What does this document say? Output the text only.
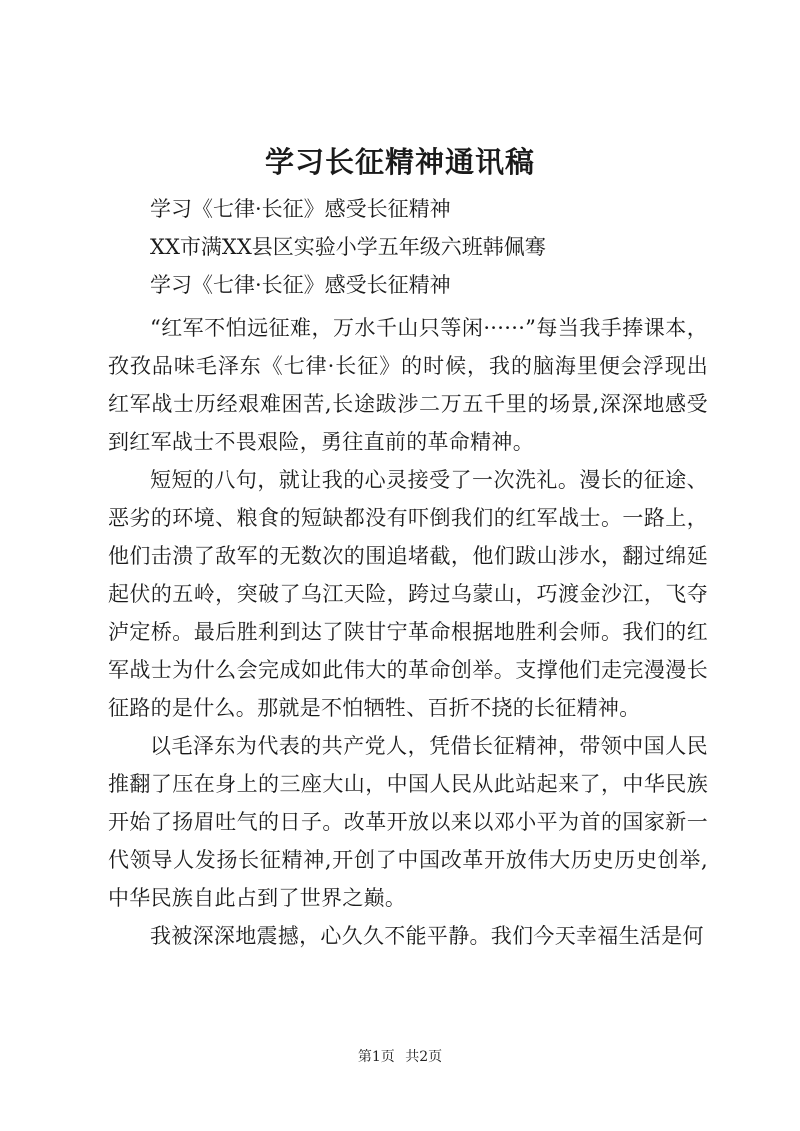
学习长征精神通讯稿
学习《七律·长征》感受长征精神
XX市满XX县区实验小学五年级六班韩佩骞
学习《七律·长征》感受长征精神

“红军不怕远征难，万水千山只等闲······”每当我手捧课本，孜孜品味毛泽东《七律·长征》的时候，我的脑海里便会浮现出红军战士历经艰难困苦,长途跋涉二万五千里的场景,深深地感受到红军战士不畏艰险，勇往直前的革命精神。

短短的八句，就让我的心灵接受了一次洗礼。漫长的征途、恶劣的环境、粮食的短缺都没有吓倒我们的红军战士。一路上，他们击溃了敌军的无数次的围追堵截，他们跋山涉水，翻过绵延起伏的五岭，突破了乌江天险，跨过乌蒙山，巧渡金沙江，飞夺泸定桥。最后胜利到达了陕甘宁革命根据地胜利会师。我们的红军战士为什么会完成如此伟大的革命创举。支撑他们走完漫漫长征路的是什么。那就是不怕牺牲、百折不挠的长征精神。

以毛泽东为代表的共产党人，凭借长征精神，带领中国人民推翻了压在身上的三座大山，中国人民从此站起来了，中华民族开始了扬眉吐气的日子。改革开放以来以邓小平为首的国家新一代领导人发扬长征精神,开创了中国改革开放伟大历史历史创举,中华民族自此占到了世界之巅。

我被深深地震撼，心久久不能平静。我们今天幸福生活是何

第1页 共2页
